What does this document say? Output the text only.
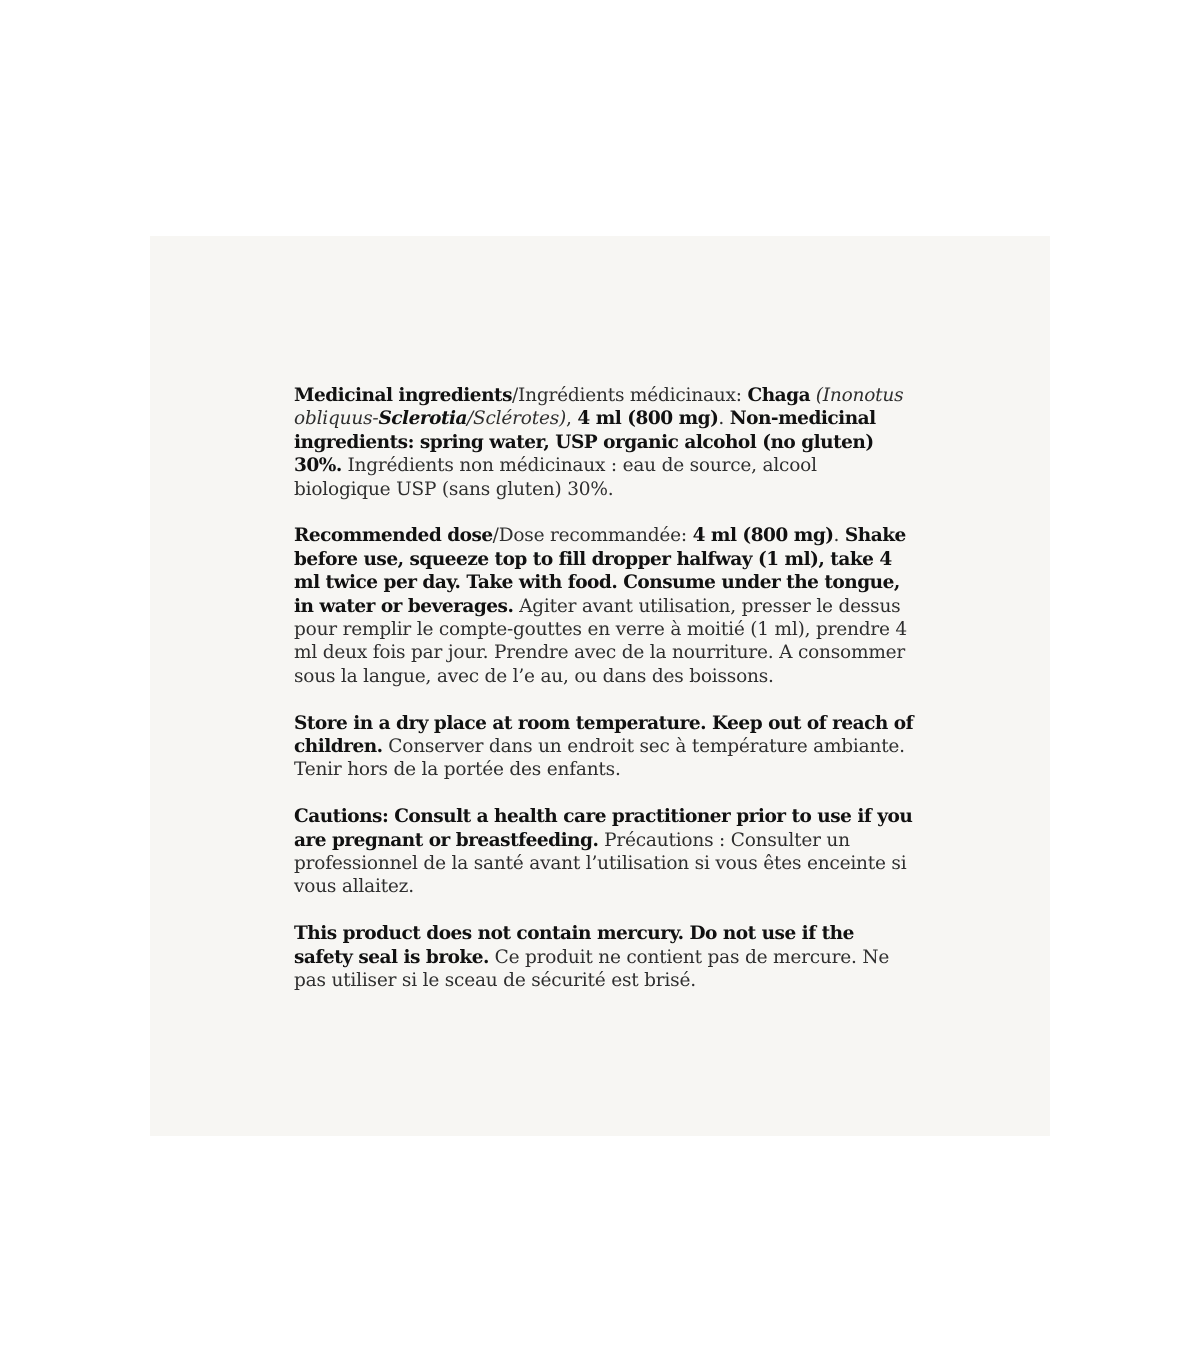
Medicinal ingredients/Ingrédients médicinaux: Chaga (Inonotus obliquus-Sclerotia/Sclérotes), 4 ml (800 mg). Non-medicinal ingredients: spring water, USP organic alcohol (no gluten) 30%. Ingrédients non médicinaux : eau de source, alcool biologique USP (sans gluten) 30%.

Recommended dose/Dose recommandée: 4 ml (800 mg). Shake before use, squeeze top to fill dropper halfway (1 ml), take 4 ml twice per day. Take with food. Consume under the tongue, in water or beverages. Agiter avant utilisation, presser le dessus pour remplir le compte-gouttes en verre à moitié (1 ml), prendre 4 ml deux fois par jour. Prendre avec de la nourriture. A consommer sous la langue, avec de l’e au, ou dans des boissons.

Store in a dry place at room temperature. Keep out of reach of children. Conserver dans un endroit sec à température ambiante. Tenir hors de la portée des enfants.

Cautions: Consult a health care practitioner prior to use if you are pregnant or breastfeeding. Précautions : Consulter un professionnel de la santé avant l’utilisation si vous êtes enceinte si vous allaitez.

This product does not contain mercury. Do not use if the safety seal is broke. Ce produit ne contient pas de mercure. Ne pas utiliser si le sceau de sécurité est brisé.
